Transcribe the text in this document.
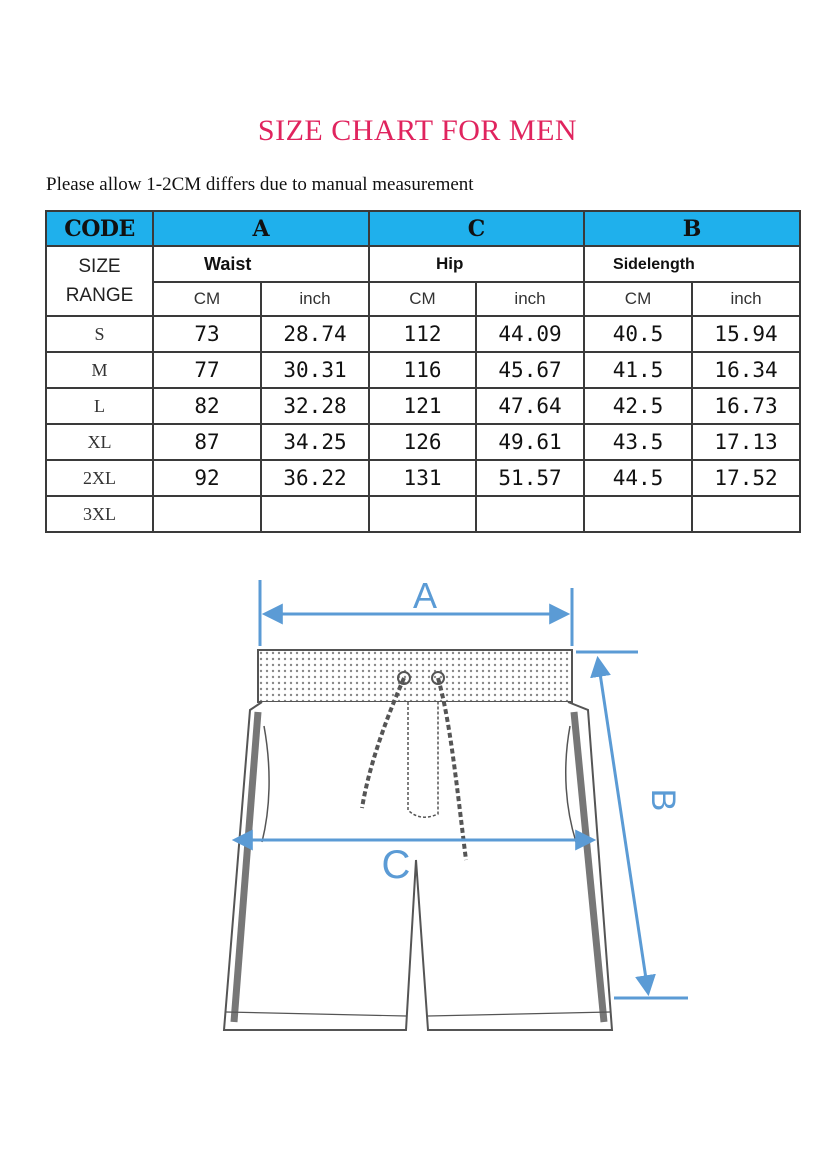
SIZE CHART FOR MEN
Please allow 1-2CM differs due to manual measurement
CODE	A		C		B	

SIZE
RANGE	Waist		Hip		Sidelength	
	CM	inch	CM	inch	CM	inch
S	73	28.74	112	44.09	40.5	15.94
M	77	30.31	116	45.67	41.5	16.34
L	82	32.28	121	47.64	42.5	16.73
XL	87	34.25	126	49.61	43.5	17.13
2XL	92	36.22	131	51.57	44.5	17.52
3XL						
A
B
C
